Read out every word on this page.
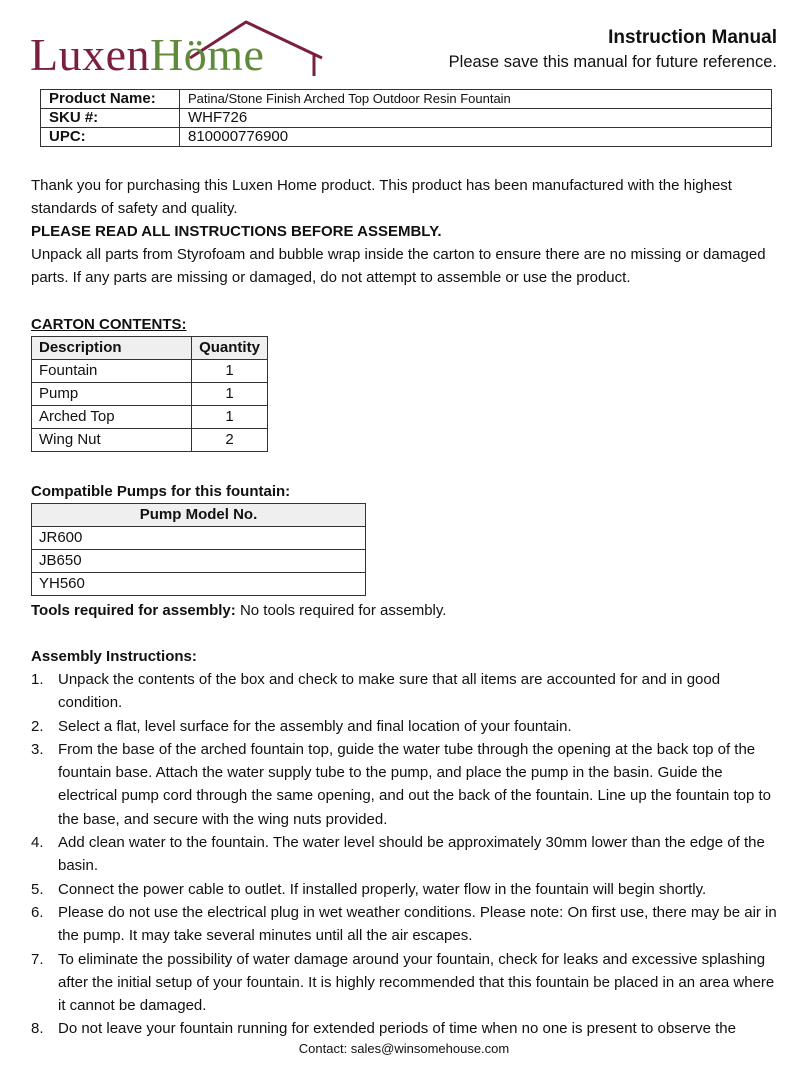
LuxenHöme	Instruction Manual
Please save this manual for future reference.
Product Name:	Patina/Stone Finish Arched Top Outdoor Resin Fountain
SKU #:	WHF726
UPC:	810000776900
Thank you for purchasing this Luxen Home product. This product has been manufactured with the highest standards of safety and quality.
PLEASE READ ALL INSTRUCTIONS BEFORE ASSEMBLY.
Unpack all parts from Styrofoam and bubble wrap inside the carton to ensure there are no missing or damaged parts. If any parts are missing or damaged, do not attempt to assemble or use the product.
CARTON CONTENTS:
Description	Quantity
Fountain	1
Pump	1
Arched Top	1
Wing Nut	2
Compatible Pumps for this fountain:
Pump Model No.
JR600
JB650
YH560
Tools required for assembly: No tools required for assembly.
Assembly Instructions:
1. Unpack the contents of the box and check to make sure that all items are accounted for and in good condition.
2. Select a flat, level surface for the assembly and final location of your fountain.
3. From the base of the arched fountain top, guide the water tube through the opening at the back top of the fountain base. Attach the water supply tube to the pump, and place the pump in the basin. Guide the electrical pump cord through the same opening, and out the back of the fountain. Line up the fountain top to the base, and secure with the wing nuts provided.
4. Add clean water to the fountain. The water level should be approximately 30mm lower than the edge of the basin.
5. Connect the power cable to outlet. If installed properly, water flow in the fountain will begin shortly.
6. Please do not use the electrical plug in wet weather conditions. Please note: On first use, there may be air in the pump. It may take several minutes until all the air escapes.
7. To eliminate the possibility of water damage around your fountain, check for leaks and excessive splashing after the initial setup of your fountain. It is highly recommended that this fountain be placed in an area where it cannot be damaged.
8. Do not leave your fountain running for extended periods of time when no one is present to observe the
Contact: sales@winsomehouse.com
